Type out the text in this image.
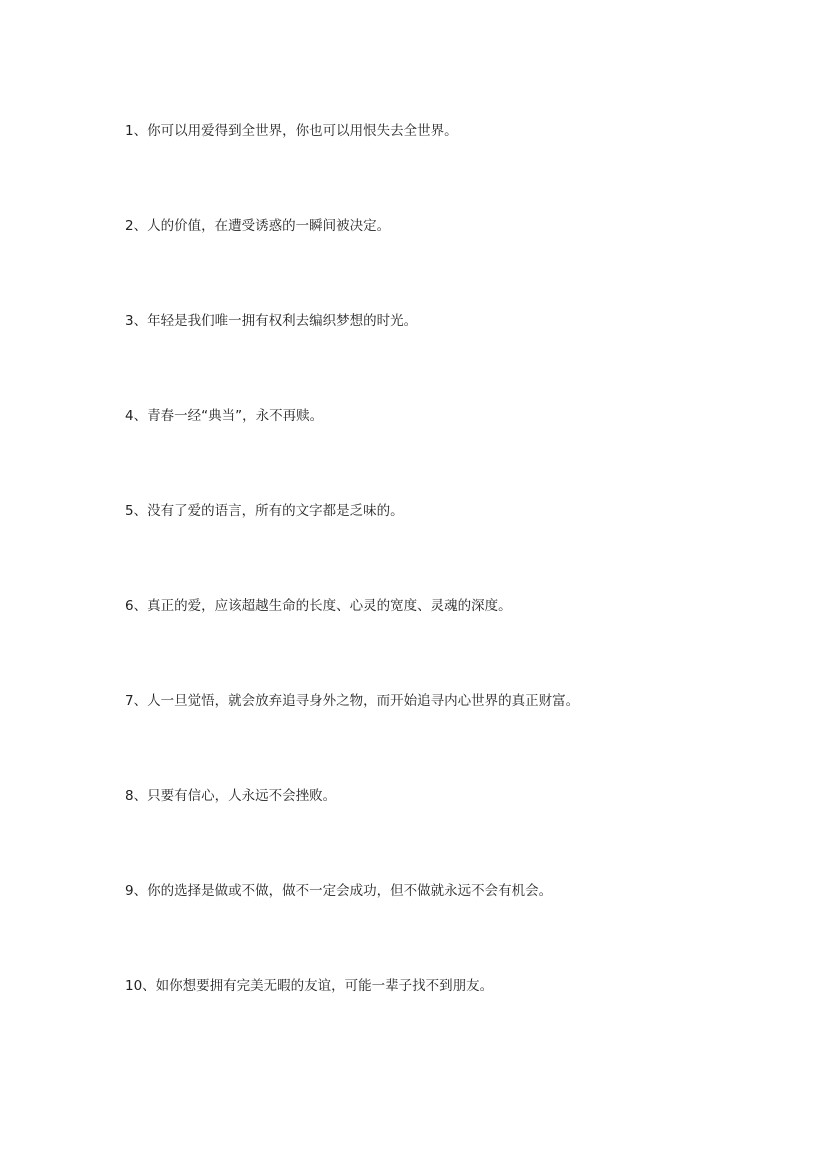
1、你可以用爱得到全世界，你也可以用恨失去全世界。
2、人的价值，在遭受诱惑的一瞬间被决定。
3、年轻是我们唯一拥有权利去编织梦想的时光。
4、青春一经“典当”，永不再赎。
5、没有了爱的语言，所有的文字都是乏味的。
6、真正的爱，应该超越生命的长度、心灵的宽度、灵魂的深度。
7、人一旦觉悟，就会放弃追寻身外之物，而开始追寻内心世界的真正财富。
8、只要有信心，人永远不会挫败。
9、你的选择是做或不做，做不一定会成功，但不做就永远不会有机会。
10、如你想要拥有完美无暇的友谊，可能一辈子找不到朋友。
